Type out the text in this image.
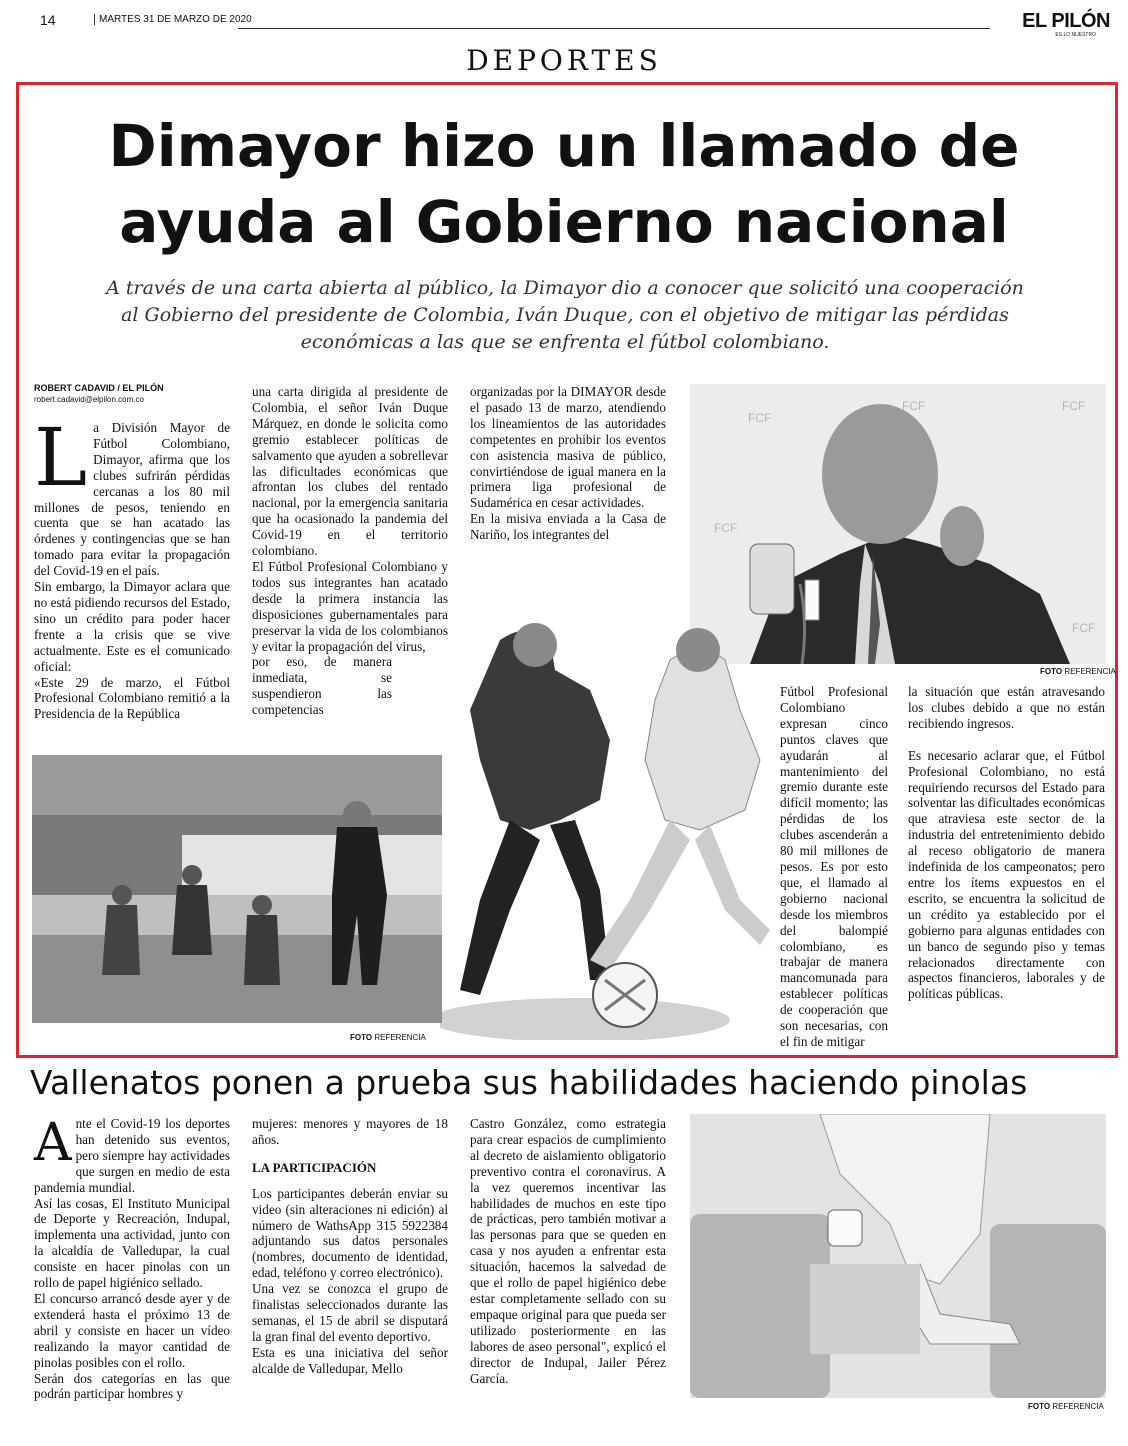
14	MARTES 31 DE MARZO DE 2020	EL PILÓN
ES LO NUESTRO
DEPORTES
Dimayor hizo un llamado de
ayuda al Gobierno nacional
A través de una carta abierta al público, la Dimayor dio a conocer que solicitó una cooperación
al Gobierno del presidente de Colombia, Iván Duque, con el objetivo de mitigar las pérdidas
económicas a las que se enfrenta el fútbol colombiano.
ROBERT CADAVID / EL PILÓN
robert.cadavid@elpilon.com.co
L a División Mayor de Fútbol Colombiano, Dimayor, afirma que los clubes sufrirán pérdidas cercanas a los 80 mil millones de pesos, teniendo en cuenta que se han acatado las órdenes y contingencias que se han tomado para evitar la propagación del Covid-19 en el país.

Sin embargo, la Dimayor aclara que no está pidiendo recursos del Estado, sino un crédito para poder hacer frente a la crisis que se vive actualmente. Este es el comunicado oficial:

«Este 29 de marzo, el Fútbol Profesional Colombiano remitió a la Presidencia de la República

una carta dirigida al presidente de Colombia, el señor Iván Duque Márquez, en donde le solicita como gremio establecer políticas de salvamento que ayuden a sobrellevar las dificultades económicas que afrontan los clubes del rentado nacional, por la emergencia sanitaria que ha ocasionado la pandemia del Covid-19 en el territorio colombiano.

El Fútbol Profesional Colombiano y todos sus integrantes han acatado desde la primera instancia las disposiciones gubernamentales para preservar la vida de los colombianos y evitar la propagación del virus,

por eso, de manera inmediata, se suspendieron las competencias

organizadas por la DIMAYOR desde el pasado 13 de marzo, atendiendo los lineamientos de las autoridades competentes en prohibir los eventos con asistencia masiva de público, convirtiéndose de igual manera en la primera liga profesional de Sudamérica en cesar actividades.

En la misiva enviada a la Casa de Nariño, los integrantes del

FCF
FCF	FCF
FCF
FCF
FOTO REFERENCIA
FOTO REFERENCIA

Fútbol Profesional Colombiano expresan cinco puntos claves que ayudarán al mantenimiento del gremio durante este difícil momento; las pérdidas de los clubes ascenderán a 80 mil millones de pesos. Es por esto que, el llamado al gobierno nacional desde los miembros del balompié colombiano, es trabajar de manera mancomunada para establecer políticas de cooperación que son necesarias, con el fin de mitigar

la situación que están atravesando los clubes debido a que no están recibiendo ingresos.

Es necesario aclarar que, el Fútbol Profesional Colombiano, no está requiriendo recursos del Estado para solventar las dificultades económicas que atraviesa este sector de la industria del entretenimiento debido al receso obligatorio de manera indefinida de los campeonatos; pero entre los ítems expuestos en el escrito, se encuentra la solicitud de un crédito ya establecido por el gobierno para algunas entidades con un banco de segundo piso y temas relacionados directamente con aspectos financieros, laborales y de políticas públicas.

Vallenatos ponen a prueba sus habilidades haciendo pinolas
A nte el Covid-19 los deportes han detenido sus eventos, pero siempre hay actividades que surgen en medio de esta pandemia mundial.

Así las cosas, El Instituto Municipal de Deporte y Recreación, Indupal, implementa una actividad, junto con la alcaldía de Valledupar, la cual consiste en hacer pinolas con un rollo de papel higiénico sellado.

El concurso arrancó desde ayer y de extenderá hasta el próximo 13 de abril y consiste en hacer un vídeo realizando la mayor cantidad de pinolas posibles con el rollo.

Serán dos categorías en las que podrán participar hombres y

mujeres: menores y mayores de 18 años.

LA PARTICIPACIÓN

Los participantes deberán enviar su video (sin alteraciones ni edición) al número de WathsApp 315 5922384 adjuntando sus datos personales (nombres, documento de identidad, edad, teléfono y correo electrónico).

Una vez se conozca el grupo de finalistas seleccionados durante las semanas, el 15 de abril se disputará la gran final del evento deportivo.

Esta es una iniciativa del señor alcalde de Valledupar, Mello

Castro González, como estrategia para crear espacios de cumplimiento al decreto de aislamiento obligatorio preventivo contra el coronavirus. A la vez queremos incentivar las habilidades de muchos en este tipo de prácticas, pero también motivar a las personas para que se queden en casa y nos ayuden a enfrentar esta situación, hacemos la salvedad de que el rollo de papel higiénico debe estar completamente sellado con su empaque original para que pueda ser utilizado posteriormente en las labores de aseo personal", explicó el director de Indupal, Jailer Pérez García.

FOTO REFERENCIA
